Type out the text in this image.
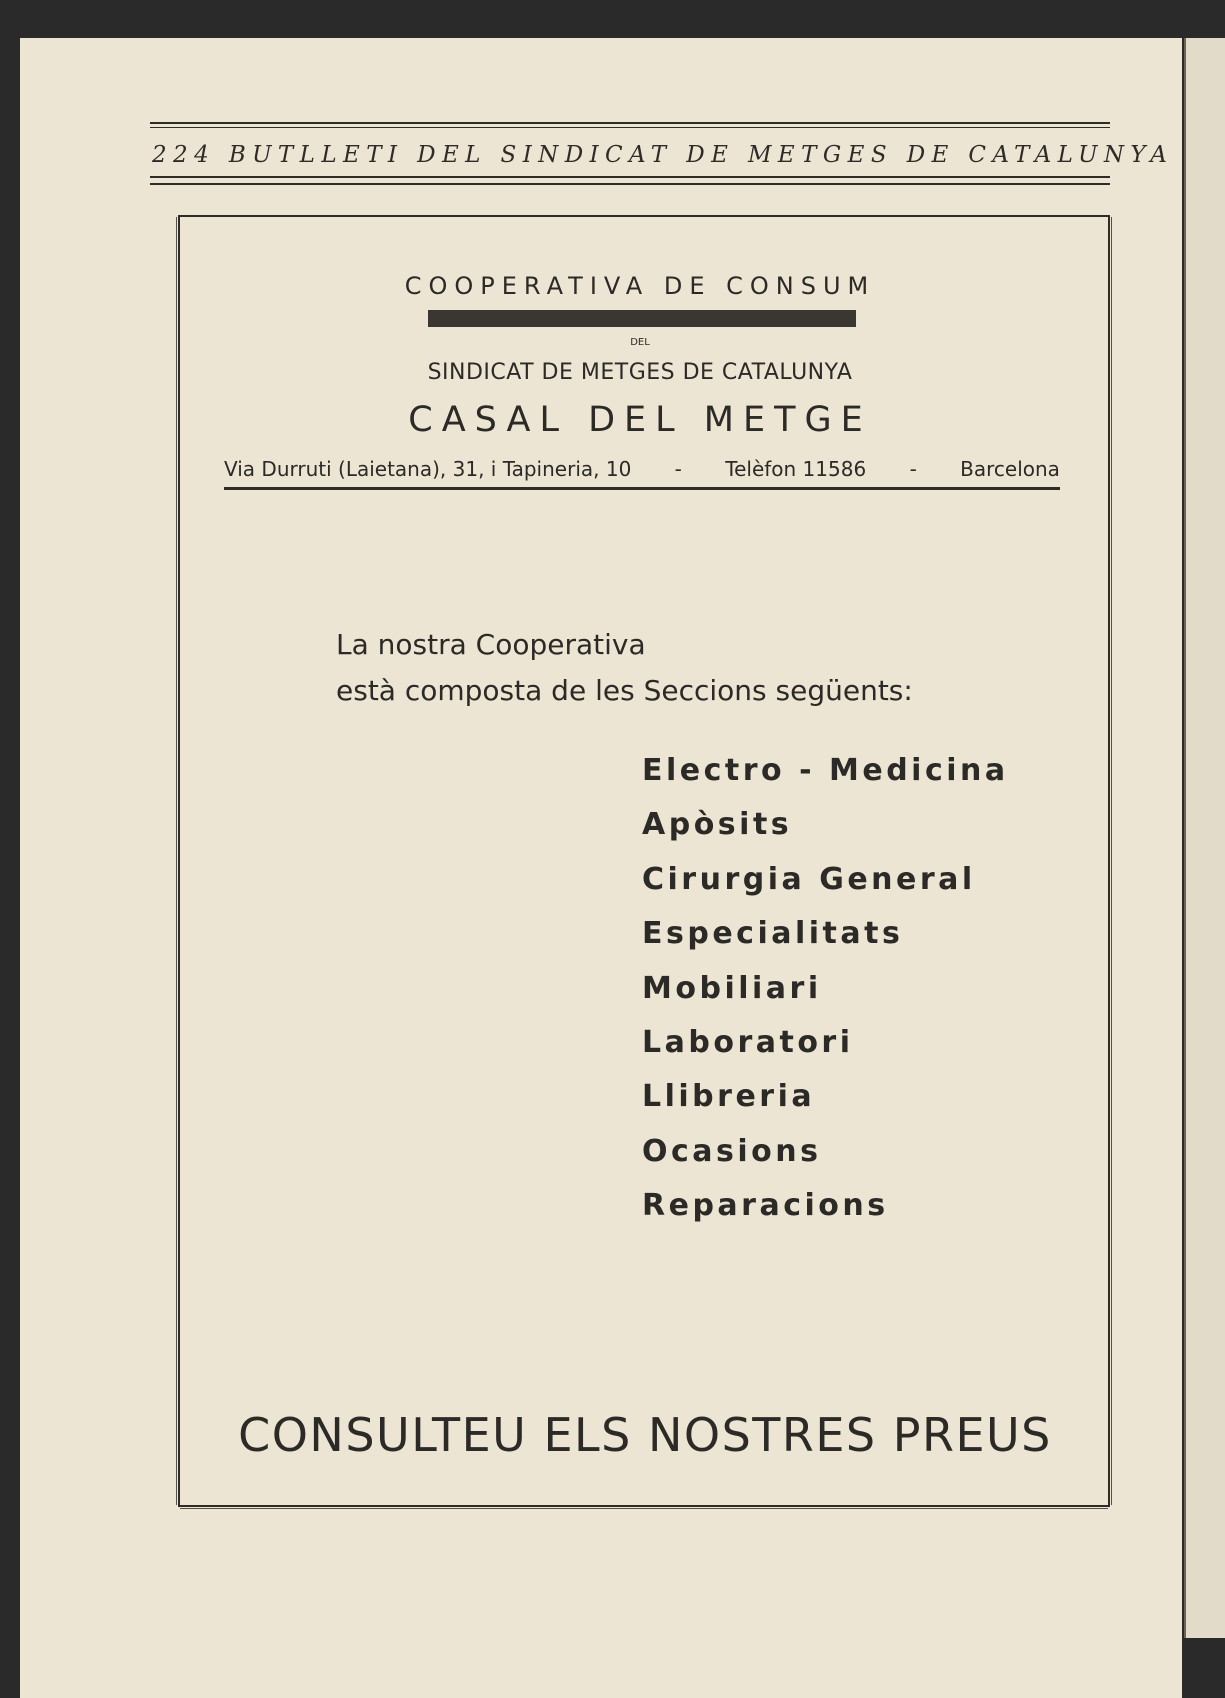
224 BUTLLETI DEL SINDICAT DE METGES DE CATALUNYA
COOPERATIVA DE CONSUM
DEL
SINDICAT DE METGES DE CATALUNYA
CASAL DEL METGE
Via Durruti (Laietana), 31, i Tapineria, 10 - Telèfon 11586 - Barcelona
La nostra Cooperativa
està composta de les Seccions següents:
Electro - Medicina
Apòsits
Cirurgia General
Especialitats
Mobiliari
Laboratori
Llibreria
Ocasions
Reparacions
CONSULTEU ELS NOSTRES PREUS
